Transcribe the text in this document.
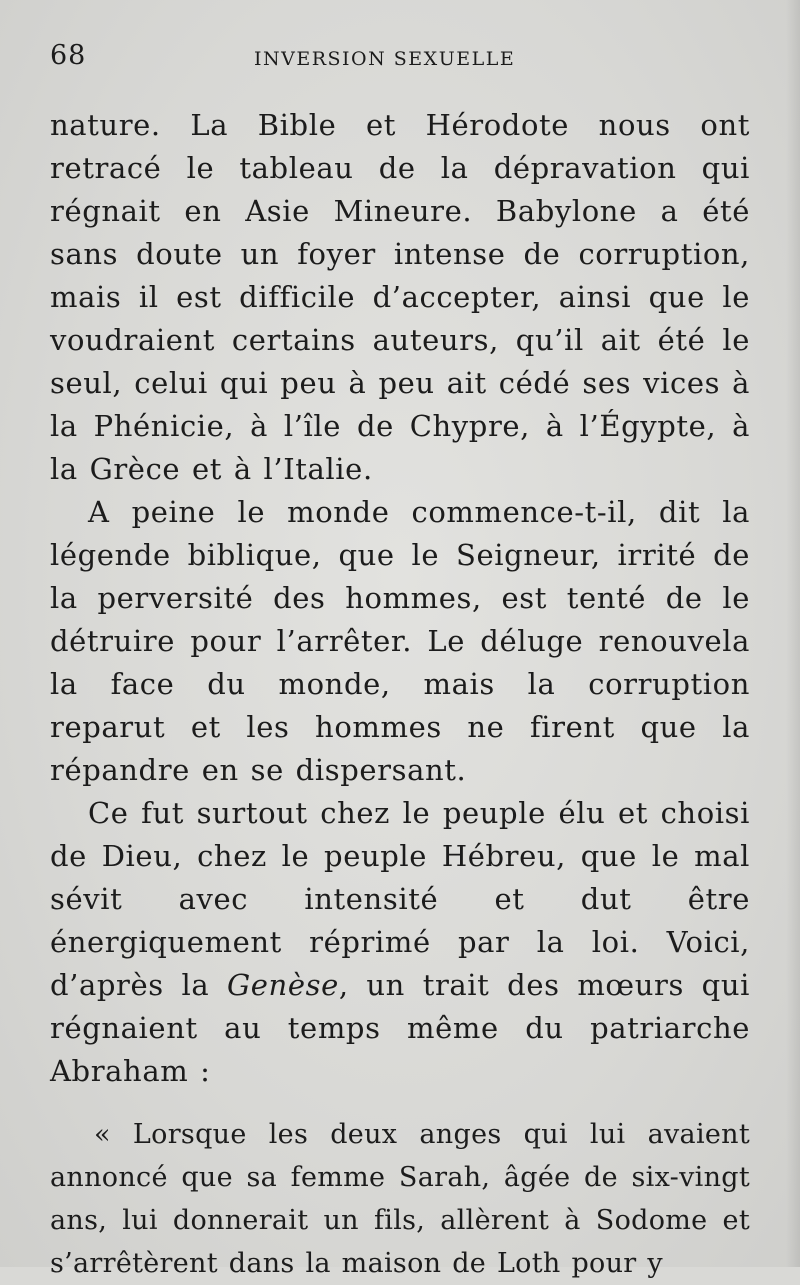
68	INVERSION SEXUELLE

nature. La Bible et Hérodote nous ont retracé le tableau de la dépravation qui régnait en Asie Mineure. Babylone a été sans doute un foyer intense de corruption, mais il est difficile d’accepter, ainsi que le voudraient certains auteurs, qu’il ait été le seul, celui qui peu à peu ait cédé ses vices à la Phénicie, à l’île de Chypre, à l’Égypte, à la Grèce et à l’Italie.

A peine le monde commence-t-il, dit la légende biblique, que le Seigneur, irrité de la perversité des hommes, est tenté de le détruire pour l’arrêter. Le déluge renouvela la face du monde, mais la corruption reparut et les hommes ne firent que la répandre en se dispersant.

Ce fut surtout chez le peuple élu et choisi de Dieu, chez le peuple Hébreu, que le mal sévit avec intensité et dut être énergiquement réprimé par la loi. Voici, d’après la Genèse, un trait des mœurs qui régnaient au temps même du patriarche Abraham :

« Lorsque les deux anges qui lui avaient annoncé que sa femme Sarah, âgée de six-vingt ans, lui donnerait un fils, allèrent à Sodome et s’arrêtèrent dans la maison de Loth pour y
